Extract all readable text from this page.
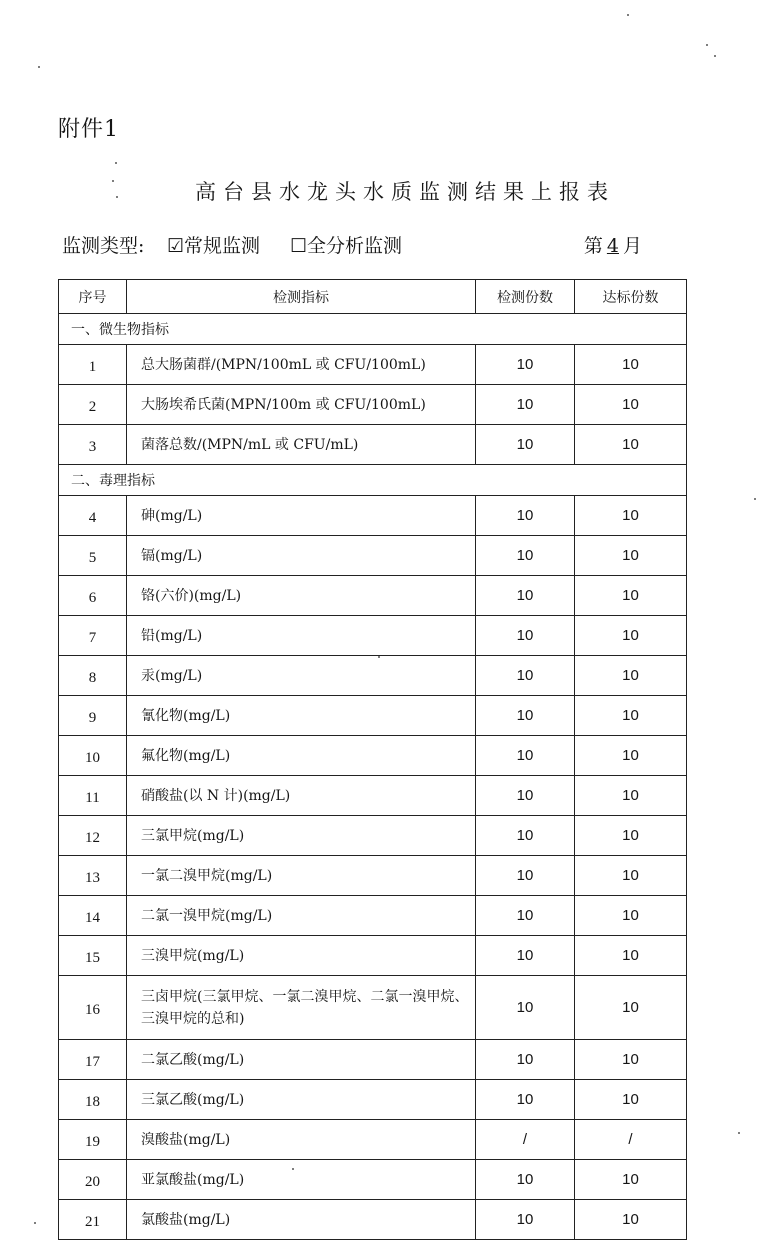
附件1
高台县水龙头水质监测结果上报表
监测类型: ☑常规监测 ☐全分析监测	第 4 月
序号	检测指标	检测份数	达标份数
一、微生物指标			
1	总大肠菌群/(MPN/100mL 或 CFU/100mL)	10	10
2	大肠埃希氏菌(MPN/100m 或 CFU/100mL)	10	10
3	菌落总数/(MPN/mL 或 CFU/mL)	10	10
二、毒理指标			
4	砷(mg/L)	10	10
5	镉(mg/L)	10	10
6	铬(六价)(mg/L)	10	10
7	铅(mg/L)	10	10
8	汞(mg/L)	10	10
9	氰化物(mg/L)	10	10
10	氟化物(mg/L)	10	10
11	硝酸盐(以 N 计)(mg/L)	10	10
12	三氯甲烷(mg/L)	10	10
13	一氯二溴甲烷(mg/L)	10	10
14	二氯一溴甲烷(mg/L)	10	10
15	三溴甲烷(mg/L)	10	10
16	三卤甲烷(三氯甲烷、一氯二溴甲烷、二氯一溴甲烷、三溴甲烷的总和)	10	10
17	二氯乙酸(mg/L)	10	10
18	三氯乙酸(mg/L)	10	10
19	溴酸盐(mg/L)	/	/
20	亚氯酸盐(mg/L)	10	10
21	氯酸盐(mg/L)	10	10
